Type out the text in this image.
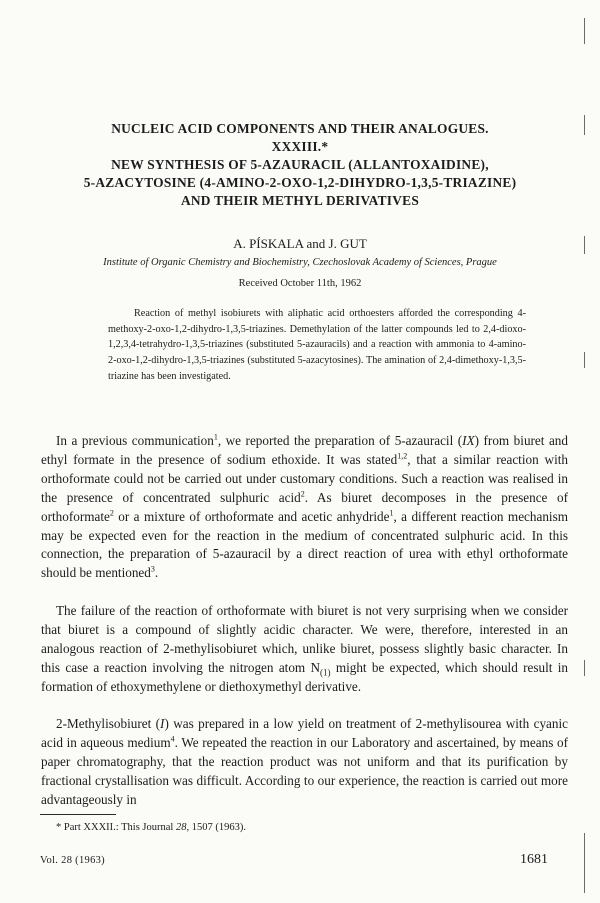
NUCLEIC ACID COMPONENTS AND THEIR ANALOGUES.
XXXIII.*
NEW SYNTHESIS OF 5-AZAURACIL (ALLANTOXAIDINE),
5-AZACYTOSINE (4-AMINO-2-OXO-1,2-DIHYDRO-1,3,5-TRIAZINE)
AND THEIR METHYL DERIVATIVES
A. PÍSKALA and J. GUT
Institute of Organic Chemistry and Biochemistry, Czechoslovak Academy of Sciences, Prague
Received October 11th, 1962
Reaction of methyl isobiurets with aliphatic acid orthoesters afforded the corresponding 4-methoxy-2-oxo-1,2-dihydro-1,3,5-triazines. Demethylation of the latter compounds led to 2,4-dioxo-1,2,3,4-tetrahydro-1,3,5-triazines (substituted 5-azauracils) and a reaction with ammonia to 4-amino-2-oxo-1,2-dihydro-1,3,5-triazines (substituted 5-azacytosines). The amination of 2,4-dimethoxy-1,3,5-triazine has been investigated.
In a previous communication$^1$, we reported the preparation of 5-azauracil (IX) from biuret and ethyl formate in the presence of sodium ethoxide. It was stated$^{1,2}$, that a similar reaction with orthoformate could not be carried out under customary conditions. Such a reaction was realised in the presence of concentrated sulphuric acid$^2$. As biuret decomposes in the presence of orthoformate$^2$ or a mixture of orthoformate and acetic anhydride$^1$, a different reaction mechanism may be expected even for the reaction in the medium of concentrated sulphuric acid. In this connection, the preparation of 5-azauracil by a direct reaction of urea with ethyl orthoformate should be mentioned$^3$.
The failure of the reaction of orthoformate with biuret is not very surprising when we consider that biuret is a compound of slightly acidic character. We were, therefore, interested in an analogous reaction of 2-methylisobiuret which, unlike biuret, possess slightly basic character. In this case a reaction involving the nitrogen atom $N_{(1)}$ might be expected, which should result in formation of ethoxymethylene or diethoxymethyl derivative.
2-Methylisobiuret (I) was prepared in a low yield on treatment of 2-methylisourea with cyanic acid in aqueous medium$^4$. We repeated the reaction in our Laboratory and ascertained, by means of paper chromatography, that the reaction product was not uniform and that its purification by fractional crystallisation was difficult. According to our experience, the reaction is carried out more advantageously in
* Part XXXII.: This Journal 28, 1507 (1963).
Vol. 28 (1963)	1681
